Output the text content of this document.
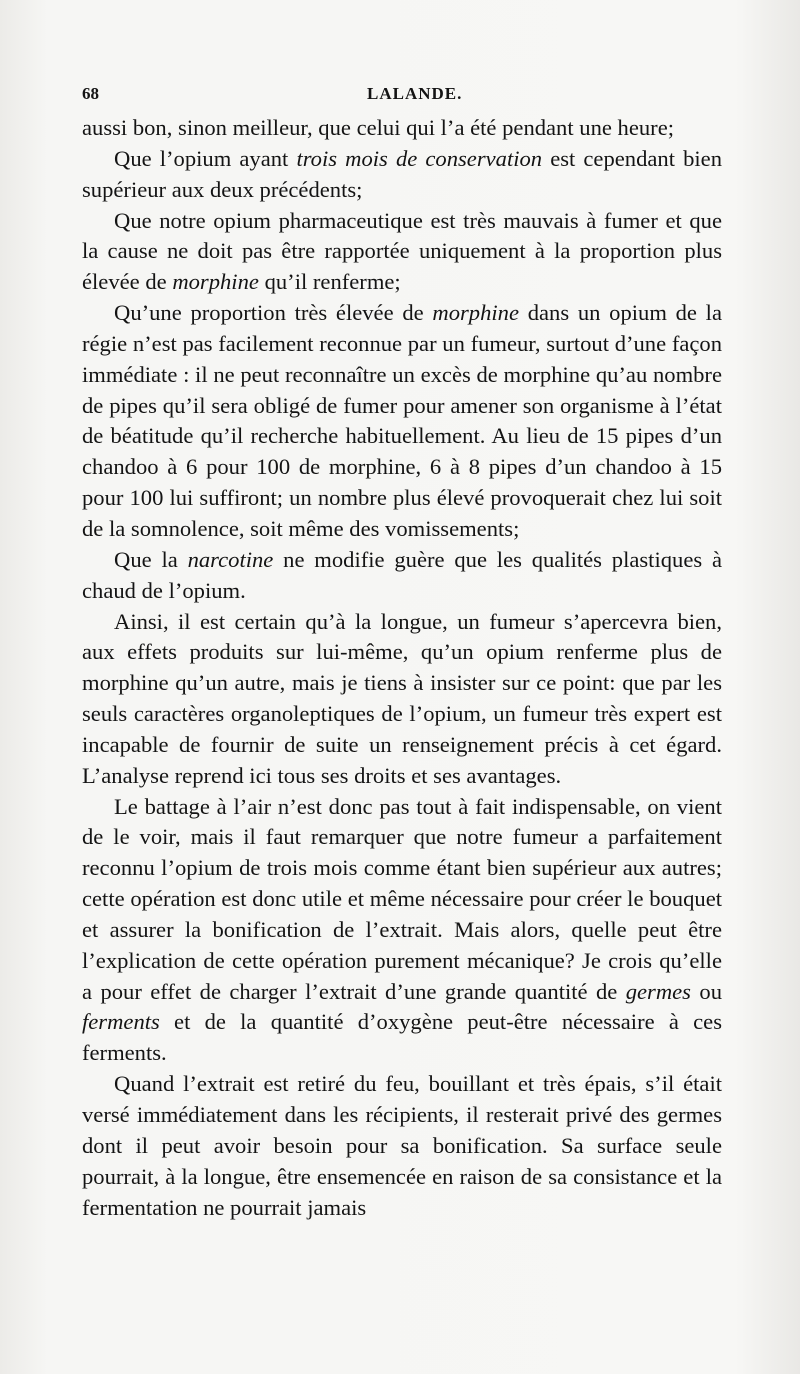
68	LALANDE.

aussi bon, sinon meilleur, que celui qui l’a été pendant une heure;

Que l’opium ayant trois mois de conservation est cependant bien supérieur aux deux précédents;

Que notre opium pharmaceutique est très mauvais à fumer et que la cause ne doit pas être rapportée uniquement à la proportion plus élevée de morphine qu’il renferme;

Qu’une proportion très élevée de morphine dans un opium de la régie n’est pas facilement reconnue par un fumeur, surtout d’une façon immédiate : il ne peut reconnaître un excès de morphine qu’au nombre de pipes qu’il sera obligé de fumer pour amener son organisme à l’état de béatitude qu’il recherche habituellement. Au lieu de 15 pipes d’un chandoo à 6 pour 100 de morphine, 6 à 8 pipes d’un chandoo à 15 pour 100 lui suffiront; un nombre plus élevé provoquerait chez lui soit de la somnolence, soit même des vomissements;

Que la narcotine ne modifie guère que les qualités plastiques à chaud de l’opium.

Ainsi, il est certain qu’à la longue, un fumeur s’apercevra bien, aux effets produits sur lui-même, qu’un opium renferme plus de morphine qu’un autre, mais je tiens à insister sur ce point: que par les seuls caractères organoleptiques de l’opium, un fumeur très expert est incapable de fournir de suite un renseignement précis à cet égard. L’analyse reprend ici tous ses droits et ses avantages.

Le battage à l’air n’est donc pas tout à fait indispensable, on vient de le voir, mais il faut remarquer que notre fumeur a parfaitement reconnu l’opium de trois mois comme étant bien supérieur aux autres; cette opération est donc utile et même nécessaire pour créer le bouquet et assurer la bonification de l’extrait. Mais alors, quelle peut être l’explication de cette opération purement mécanique? Je crois qu’elle a pour effet de charger l’extrait d’une grande quantité de germes ou ferments et de la quantité d’oxygène peut-être nécessaire à ces ferments.

Quand l’extrait est retiré du feu, bouillant et très épais, s’il était versé immédiatement dans les récipients, il resterait privé des germes dont il peut avoir besoin pour sa bonification. Sa surface seule pourrait, à la longue, être ensemencée en raison de sa consistance et la fermentation ne pourrait jamais
